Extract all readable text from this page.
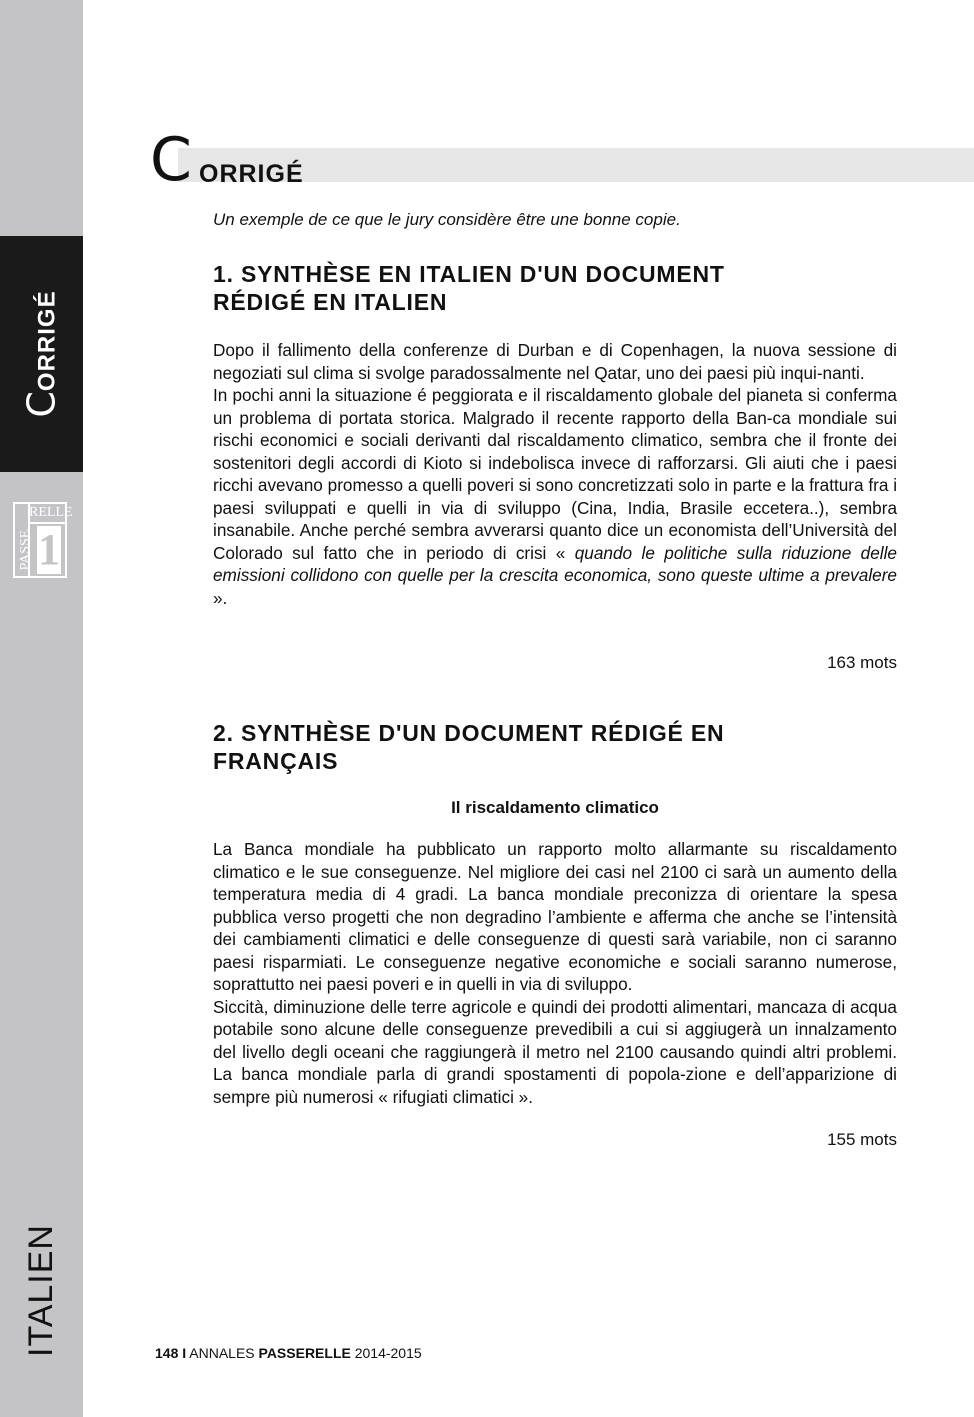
CORRIGÉ
RELLE
PASSE 1
ITALIEN
C ORRIGÉ
Un exemple de ce que le jury considère être une bonne copie.
1. SYNTHÈSE EN ITALIEN D'UN DOCUMENT
RÉDIGÉ EN ITALIEN

Dopo il fallimento della conferenze di Durban e di Copenhagen, la nuova sessione di negoziati sul clima si svolge paradossalmente nel Qatar, uno dei paesi più inqui-nanti.

In pochi anni la situazione é peggiorata e il riscaldamento globale del pianeta si conferma un problema di portata storica. Malgrado il recente rapporto della Ban-ca mondiale sui rischi economici e sociali derivanti dal riscaldamento climatico, sembra che il fronte dei sostenitori degli accordi di Kioto si indebolisca invece di rafforzarsi. Gli aiuti che i paesi ricchi avevano promesso a quelli poveri si sono concretizzati solo in parte e la frattura fra i paesi sviluppati e quelli in via di sviluppo (Cina, India, Brasile eccetera..), sembra insanabile. Anche perché sembra avverarsi quanto dice un economista dell’Università del Colorado sul fatto che in periodo di crisi « quando le politiche sulla riduzione delle emissioni collidono con quelle per la crescita economica, sono queste ultime a prevalere ».

163 mots
2. SYNTHÈSE D'UN DOCUMENT RÉDIGÉ EN
FRANÇAIS
Il riscaldamento climatico

La Banca mondiale ha pubblicato un rapporto molto allarmante su riscaldamento climatico e le sue conseguenze. Nel migliore dei casi nel 2100 ci sarà un aumento della temperatura media di 4 gradi. La banca mondiale preconizza di orientare la spesa pubblica verso progetti che non degradino l’ambiente e afferma che anche se l’intensità dei cambiamenti climatici e delle conseguenze di questi sarà variabile, non ci saranno paesi risparmiati. Le conseguenze negative economiche e sociali saranno numerose, soprattutto nei paesi poveri e in quelli in via di sviluppo.

Siccità, diminuzione delle terre agricole e quindi dei prodotti alimentari, mancaza di acqua potabile sono alcune delle conseguenze prevedibili a cui si aggiugerà un innalzamento del livello degli oceani che raggiungerà il metro nel 2100 causando quindi altri problemi. La banca mondiale parla di grandi spostamenti di popola-zione e dell’apparizione di sempre più numerosi « rifugiati climatici ».

155 mots
148 I ANNALES PASSERELLE 2014-2015
